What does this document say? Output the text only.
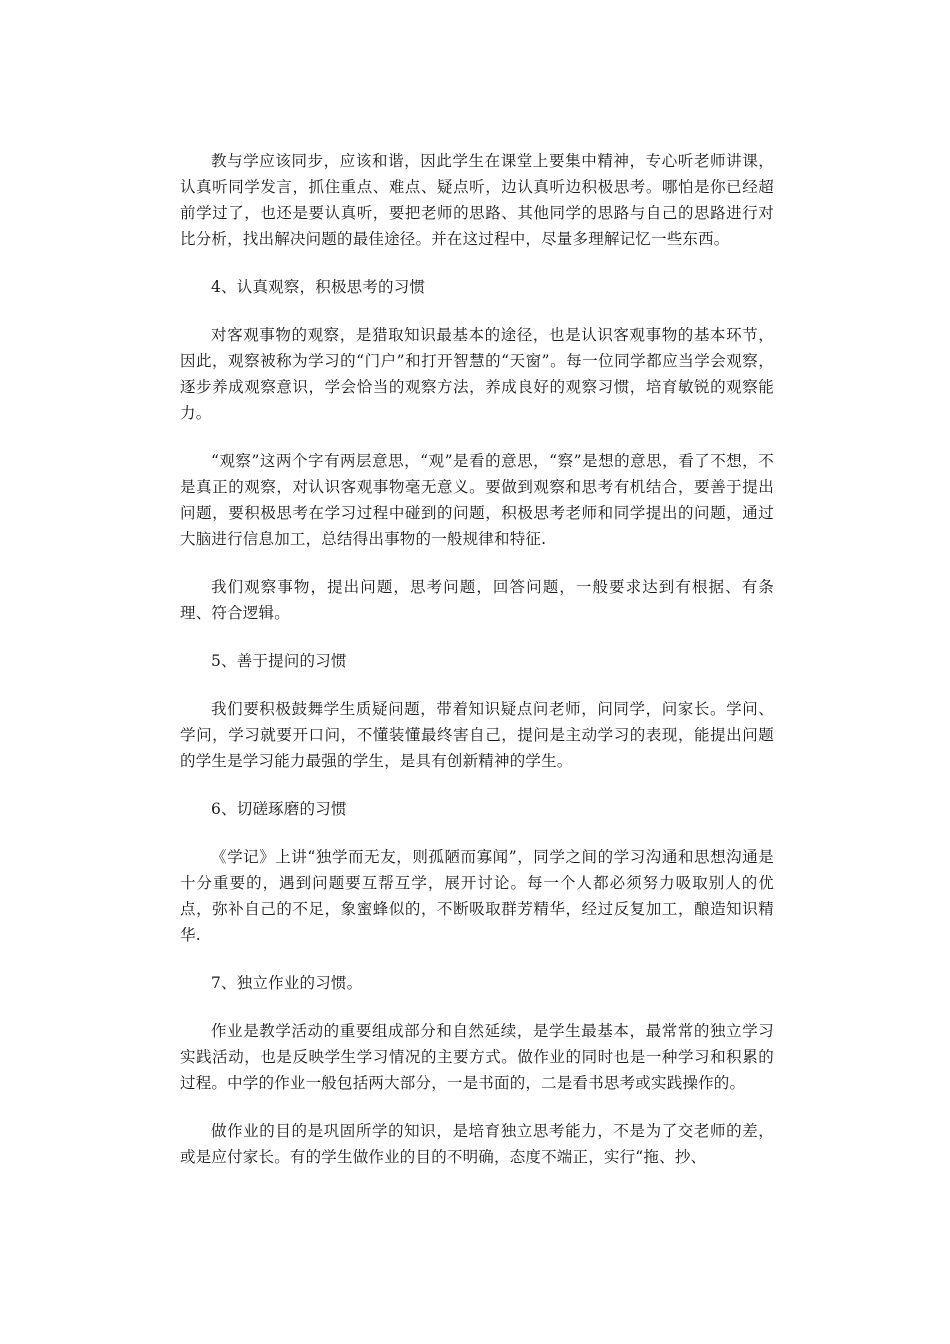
教与学应该同步，应该和谐，因此学生在课堂上要集中精神，专心听老师讲课，认真听同学发言，抓住重点、难点、疑点听，边认真听边积极思考。哪怕是你已经超前学过了，也还是要认真听，要把老师的思路、其他同学的思路与自己的思路进行对比分析，找出解决问题的最佳途径。并在这过程中，尽量多理解记忆一些东西。

4、认真观察，积极思考的习惯

对客观事物的观察，是猎取知识最基本的途径，也是认识客观事物的基本环节，因此，观察被称为学习的“门户”和打开智慧的“天窗”。每一位同学都应当学会观察，逐步养成观察意识，学会恰当的观察方法，养成良好的观察习惯，培育敏锐的观察能力。

“观察”这两个字有两层意思，“观”是看的意思，“察”是想的意思，看了不想，不是真正的观察，对认识客观事物毫无意义。要做到观察和思考有机结合，要善于提出问题，要积极思考在学习过程中碰到的问题，积极思考老师和同学提出的问题，通过大脑进行信息加工，总结得出事物的一般规律和特征.

我们观察事物，提出问题，思考问题，回答问题，一般要求达到有根据、有条理、符合逻辑。

5、善于提问的习惯

我们要积极鼓舞学生质疑问题，带着知识疑点问老师，问同学，问家长。学问、学问，学习就要开口问，不懂装懂最终害自己，提问是主动学习的表现，能提出问题的学生是学习能力最强的学生，是具有创新精神的学生。

6、切磋琢磨的习惯

《学记》上讲“独学而无友，则孤陋而寡闻”，同学之间的学习沟通和思想沟通是十分重要的，遇到问题要互帮互学，展开讨论。每一个人都必须努力吸取别人的优点，弥补自己的不足，象蜜蜂似的，不断吸取群芳精华，经过反复加工，酿造知识精华.

7、独立作业的习惯。

作业是教学活动的重要组成部分和自然延续，是学生最基本，最常常的独立学习实践活动，也是反映学生学习情况的主要方式。做作业的同时也是一种学习和积累的过程。中学的作业一般包括两大部分，一是书面的，二是看书思考或实践操作的。

做作业的目的是巩固所学的知识，是培育独立思考能力，不是为了交老师的差，或是应付家长。有的学生做作业的目的不明确，态度不端正，实行“拖、抄、
